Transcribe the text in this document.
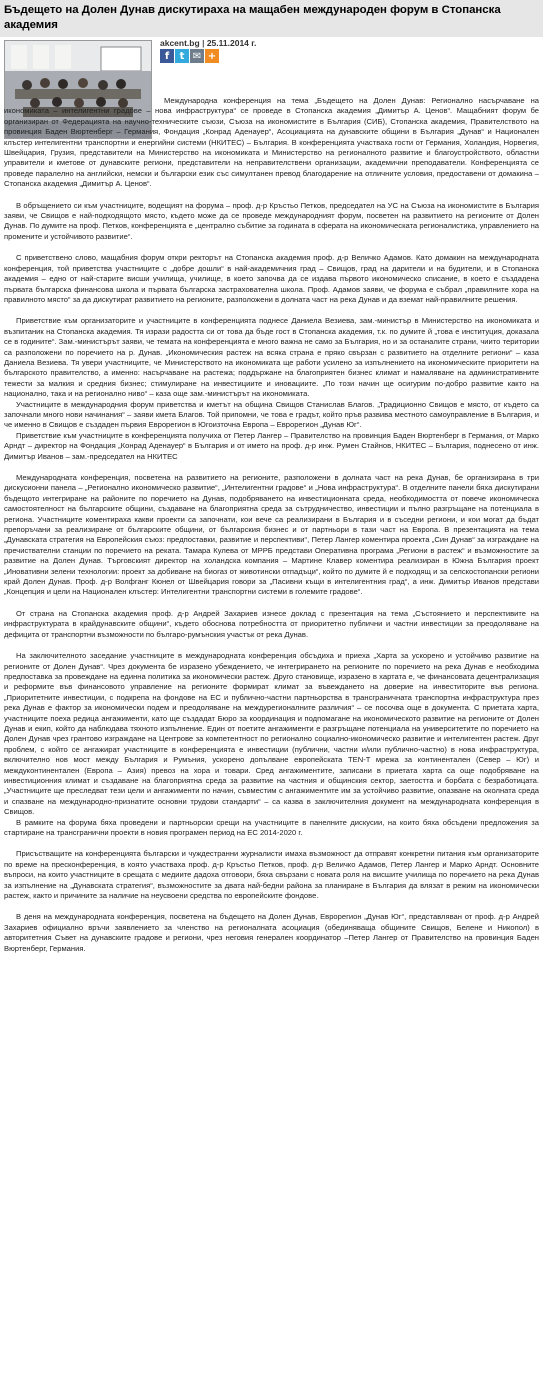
Бъдещето на Долен Дунав дискутираха на мащабен международен форум в Стопанска академия
akcent.bg | 25.11.2014 г.
f	t ✉ +

Международна конференция на тема „Бъдещето на Долен Дунав: Регионално насърчаване на икономиката – интелигентни градове – нова инфраструктура“ се проведе в Стопанска академия „Димитър А. Ценов“. Мащабният форум бе организиран от Федерацията на научно-техническите съюзи, Съюза на икономистите в България (СИБ), Стопанска академия, Правителството на провинция Баден Вюртенберг – Германия, Фондация „Конрад Аденауер“, Асоциацията на дунавските общини в България „Дунав“ и Национален клъстер интелигентни транспортни и енергийни системи (НКИТЕС) – България. В конференцията участваха гости от Германия, Холандия, Норвегия, Швейцария, Грузия, представители на Министерство на икономиката и Министерство на регионалното развитие и благоустройството, областни управители и кметове от дунавските региони, представители на неправителствени организации, академични преподаватели. Конференцията се проведе паралелно на английски, немски и български език със симултанен превод благодарение на отличните условия, предоставени от домакина – Стопанска академия „Димитър А. Ценов“.

В обръщението си към участниците, водещият на форума – проф. д-р Кръстьо Петков, председател на УС на Съюза на икономистите в България заяви, че Свищов е най-подходящото място, където може да се проведе международният форум, посветен на развитието на регионите от Долен Дунав. По думите на проф. Петков, конференцията е „централно събитие за годината в сферата на икономическата регионалистика, управлението на промените и устойчивото развитие“.

С приветствено слово, мащабния форум откри ректорът на Стопанска академия проф. д-р Величко Адамов. Като домакин на международната конференция, той приветства участниците с „добре дошли“ в най-академичния град – Свищов, град на дарители и на будители, и в Стопанска академия – едно от най-старите висши училища, училище, в което започва да се издава първото икономическо списание, в което е създадена първата българска финансова школа и първата българска застрахователна школа. Проф. Адамов заяви, че форума е събрал „правилните хора на правилното място“ за да дискутират развитието на регионите, разположени в долната част на река Дунав и да вземат най-правилните решения.

Приветствие към организаторите и участниците в конференцията поднесе Даниела Везиева, зам.-министър в Министерство на икономиката и възпитаник на Стопанска академия. Тя изрази радостта си от това да бъде гост в Стопанска академия, т.к. по думите й „това е институция, доказала се в годините“. Зам.-министърът заяви, че темата на конференцията е много важна не само за България, но и за останалите страни, чиито територии са разположени по поречието на р. Дунав. „Икономическия растеж на всяка страна е пряко свързан с развитието на отделните региони“ – каза Даниела Везиева. Тя увери участниците, че Министерството на икономиката ще работи усилено за изпълнението на икономическите приоритети на българското правителство, а именно: насърчаване на растежа; поддържане на благоприятен бизнес климат и намаляване на административните тежести за малкия и средния бизнес; стимулиране на инвестициите и иновациите. „По този начин ще осигурим по-добро развитие както на национално, така и на регионално ниво“ – каза още зам.-министърът на икономиката.

Участниците в международния форум приветства и кметът на община Свищов Станислав Благов. „Традиционно Свищов е място, от където са започнали много нови начинания“ – заяви кмета Благов. Той припомни, че това е градът, който пръв развива местното самоуправление в България, и че именно в Свищов е създаден първия Еврорегион в Югоизточна Европа – Еврорегион „Дунав Юг“.

Приветствие към участниците в конференцията получиха от Петер Лангер – Правителство на провинция Баден Вюртенберг в Германия, от Марко Арндт – директор на Фондация „Конрад Аденауер“ в България и от името на проф. д-р инж. Румен Стайнов, НКИТЕС – България, поднесено от инж. Димитър Иванов – зам.-председател на НКИТЕС

Международната конференция, посветена на развитието на регионите, разположени в долната част на река Дунав, бе организирана в три дискусионни панела – „Регионално икономическо развитие“, „Интелигентни градове“ и „Нова инфраструктура“. В отделните панели бяха дискутирани бъдещото интегриране на районите по поречието на Дунав, подобряването на инвестиционната среда, необходимостта от повече икономическа самостоятелност на българските общини, създаване на благоприятна среда за сътрудничество, инвестиции и пълно разгръщане на потенциала в региона. Участниците коментираха какви проекти са започнати, кои вече са реализирани в България и в съседни региони, и кои могат да бъдат препоръчани за реализиране от българските общини, от българския бизнес и от партньори в тази част на Европа. В презентацията на тема „Дунавската стратегия на Европейския съюз: предпоставки, развитие и перспективи“, Петер Лангер коментира проекта „Син Дунав“ за изграждане на пречиствателни станции по поречието на реката. Тамара Кулева от МРРБ представи Оперативна програма „Региони в растеж“ и възможностите за развитие на Долен Дунав. Търговският директор на холандска компания – Мартине Клавер коментира реализиран в Южна България проект „Иновативни зелени технологии: проект за добиване на биогаз от животински отпадъци“, който по думите й е подходящ и за селскостопански региони край Долен Дунав. Проф. д-р Волфганг Кюнел от Швейцария говори за „Пасивни къщи в интелигентния град“, а инж. Димитър Иванов представи „Концепция и цели на Национален клъстер: Интелигентни транспортни системи в големите градове“.

От страна на Стопанска академия проф. д-р Андрей Захариев изнесе доклад с презентация на тема „Състоянието и перспективите на инфраструктурата в крайдунавските общини“, където обоснова потребността от приоритетно публични и частни инвестиции за преодоляване на дефицита от транспортни възможности по българо-румънския участък от река Дунав.

На заключителното заседание участниците в международната конференция обсъдиха и приеха „Харта за ускорено и устойчиво развитие на регионите от Долен Дунав“. Чрез документа бе изразено убеждението, че интегрирането на регионите по поречието на река Дунав е необходима предпоставка за провеждане на единна политика за икономически растеж. Друго становище, изразено в хартата е, че финансовата децентрализация и реформите във финансовото управление на регионите формират климат за въвеждането на доверие на инвеститорите във региона. „Приоритетните инвестиции, с подкрепа на фондове на ЕС и публично-частни партньорства в трансграничната транспортна инфраструктура през река Дунав е фактор за икономически подем и преодоляване на междурегионалните различия“ – се посочва още в документа. С приетата харта, участниците поеха редица ангажименти, като ще създадат Бюро за координация и подпомагане на икономическото развитие на регионите от Долен Дунав и екип, който да наблюдава тяхното изпълнение. Един от поетите ангажименти е разгръщане потенциала на университетите по поречието на Долен Дунав чрез грантово изграждане на Центрове за компетентност по регионално социално-икономическо развитие и интелигентен растеж. Друг проблем, с който се ангажират участниците в конференцията е инвестиции (публични, частни и/или публично-частно) в нова инфраструктура, включително нов мост между България и Румъния, ускорено допълване европейската TEN-T мрежа за континентален (Север – Юг) и междуконтинентален (Европа – Азия) превоз на хора и товари. Сред ангажиментите, записани в приетата харта са още подобряване на инвестиционния климат и създаване на благоприятна среда за развитие на частния и общинския сектор, заетостта и борбата с безработицата. „Участниците ще преследват тези цели и ангажименти по начин, съвместим с ангажиментите им за устойчиво развитие, опазване на околната среда и спазване на международно-признатите основни трудови стандарти“ – са казва в заключителния документ на международната конференция в Свищов.

В рамките на форума бяха проведени и партньорски срещи на участниците в панелните дискусии, на които бяха обсъдени предложения за стартиране на трансгранични проекти в новия програмен период на ЕС 2014-2020 г.

Присъстващите на конференцията български и чуждестранни журналисти имаха възможност да отправят конкретни питания към организаторите по време на пресконференция, в която участваха проф. д-р Кръстьо Петков, проф. д-р Величко Адамов, Петер Лангер и Марко Арндт. Основните въпроси, на които участниците в срещата с медиите дадоха отговори, бяха свързани с новата роля на висшите училища по поречието на река Дунав за изпълнение на „Дунавската стратегия“, възможностите за двата най-бедни района за планиране в България да влязат в режим на икономически растеж, както и причините за наличие на неусвоени средства по европейските фондове.

В деня на международната конференция, посветена на бъдещето на Долен Дунав, Еврорегион „Дунав Юг“, представляван от проф. д-р Андрей Захариев официално връчи заявлението за членство на регионалната асоциация (обединяваща общините Свищов, Белене и Никопол) в авторитетния Съвет на дунавските градове и региони, чрез неговия генерален координатор –Петер Лангер от Правителство на провинция Баден Вюртенберг, Германия.
